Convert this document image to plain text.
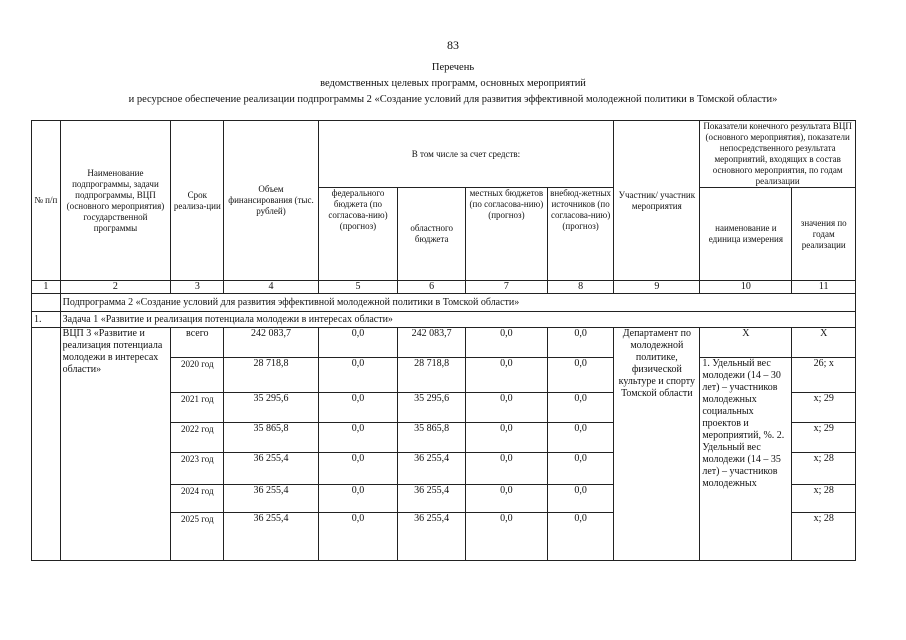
83
Перечень
ведомственных целевых программ, основных мероприятий
и ресурсное обеспечение реализации подпрограммы 2 «Создание условий для развития эффективной молодежной политики в Томской области»
№ п/п	Наименование подпрограммы, задачи подпрограммы, ВЦП (основного мероприятия) государственной программы	Срок реализа-ции	Объем финансирования (тыс. рублей)	В том числе за счет средств:				Участник/ участник мероприятия	Показатели конечного результата ВЦП (основного мероприятия), показатели непосредственного результата мероприятий, входящих в состав основного мероприятия, по годам реализации	
				федерального бюджета (по согласова-нию) (прогноз)	областного бюджета	местных бюджетов (по согласова-нию) (прогноз)	внебюд-жетных источников (по согласова-нию) (прогноз)		наименование и единица измерения	значения по годам реализации
1	2	3	4	5	6	7	8	9	10	11
	Подпрограмма 2 «Создание условий для развития эффективной молодежной политики в Томской области»									
1.	Задача 1 «Развитие и реализация потенциала молодежи в интересах области»									
	ВЦП 3 «Развитие и реализация потенциала молодежи в интересах области»	всего	242 083,7	0,0	242 083,7	0,0	0,0	Департамент по молодежной политике, физической культуре и спорту Томской области	Х	Х
		2020 год	28 718,8	0,0	28 718,8	0,0	0,0		1. Удельный вес молодежи (14 – 30 лет) – участников молодежных социальных проектов и мероприятий, %. 2. Удельный вес молодежи (14 – 35 лет) – участников молодежных	26; х
		2021 год	35 295,6	0,0	35 295,6	0,0	0,0			х; 29
		2022 год	35 865,8	0,0	35 865,8	0,0	0,0			х; 29
		2023 год	36 255,4	0,0	36 255,4	0,0	0,0			х; 28
		2024 год	36 255,4	0,0	36 255,4	0,0	0,0			х; 28
		2025 год	36 255,4	0,0	36 255,4	0,0	0,0			х; 28
